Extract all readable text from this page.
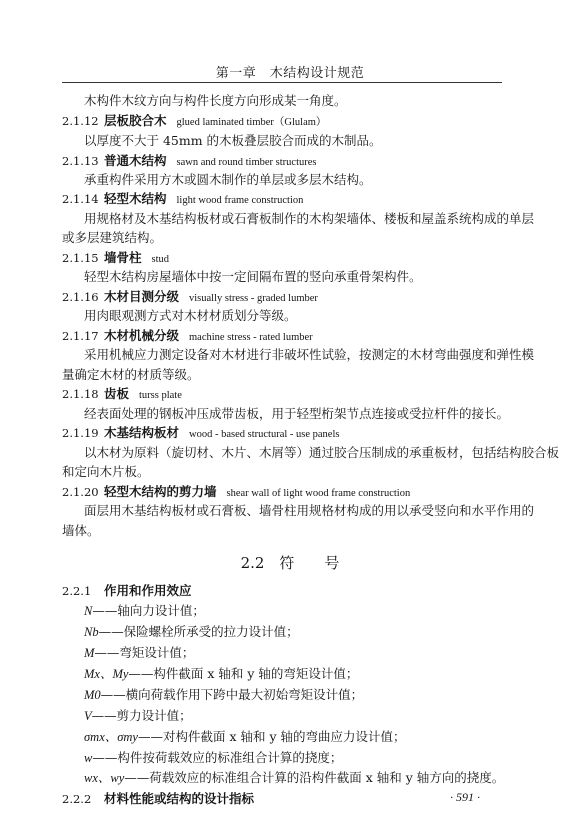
第一章　木结构设计规范
木构件木纹方向与构件长度方向形成某一角度。
2.1.12 层板胶合木 glued laminated timber（Glulam）
以厚度不大于 45mm 的木板叠层胶合而成的木制品。
2.1.13 普通木结构 sawn and round timber structures
承重构件采用方木或圆木制作的单层或多层木结构。
2.1.14 轻型木结构 light wood frame construction
用规格材及木基结构板材或石膏板制作的木构架墙体、楼板和屋盖系统构成的单层
或多层建筑结构。
2.1.15 墙骨柱 stud
轻型木结构房屋墙体中按一定间隔布置的竖向承重骨架构件。
2.1.16 木材目测分级 visually stress - graded lumber
用肉眼观测方式对木材材质划分等级。
2.1.17 木材机械分级 machine stress - rated lumber
采用机械应力测定设备对木材进行非破坏性试验，按测定的木材弯曲强度和弹性模
量确定木材的材质等级。
2.1.18 齿板 turss plate
经表面处理的钢板冲压成带齿板，用于轻型桁架节点连接或受拉杆件的接长。
2.1.19 木基结构板材 wood - based structural - use panels
以木材为原料（旋切材、木片、木屑等）通过胶合压制成的承重板材，包括结构胶合板
和定向木片板。
2.1.20 轻型木结构的剪力墙 shear wall of light wood frame construction
面层用木基结构板材或石膏板、墙骨柱用规格材构成的用以承受竖向和水平作用的
墙体。
2.2　符　　号
2.2.1 作用和作用效应
N——轴向力设计值；
Nb——保险螺栓所承受的拉力设计值；
M——弯矩设计值；
Mx、My——构件截面 x 轴和 y 轴的弯矩设计值；
M0——横向荷载作用下跨中最大初始弯矩设计值；
V——剪力设计值；
σmx、σmy——对构件截面 x 轴和 y 轴的弯曲应力设计值；
w——构件按荷载效应的标准组合计算的挠度；
wx、wy——荷载效应的标准组合计算的沿构件截面 x 轴和 y 轴方向的挠度。
2.2.2 材料性能或结构的设计指标	· 591 ·
